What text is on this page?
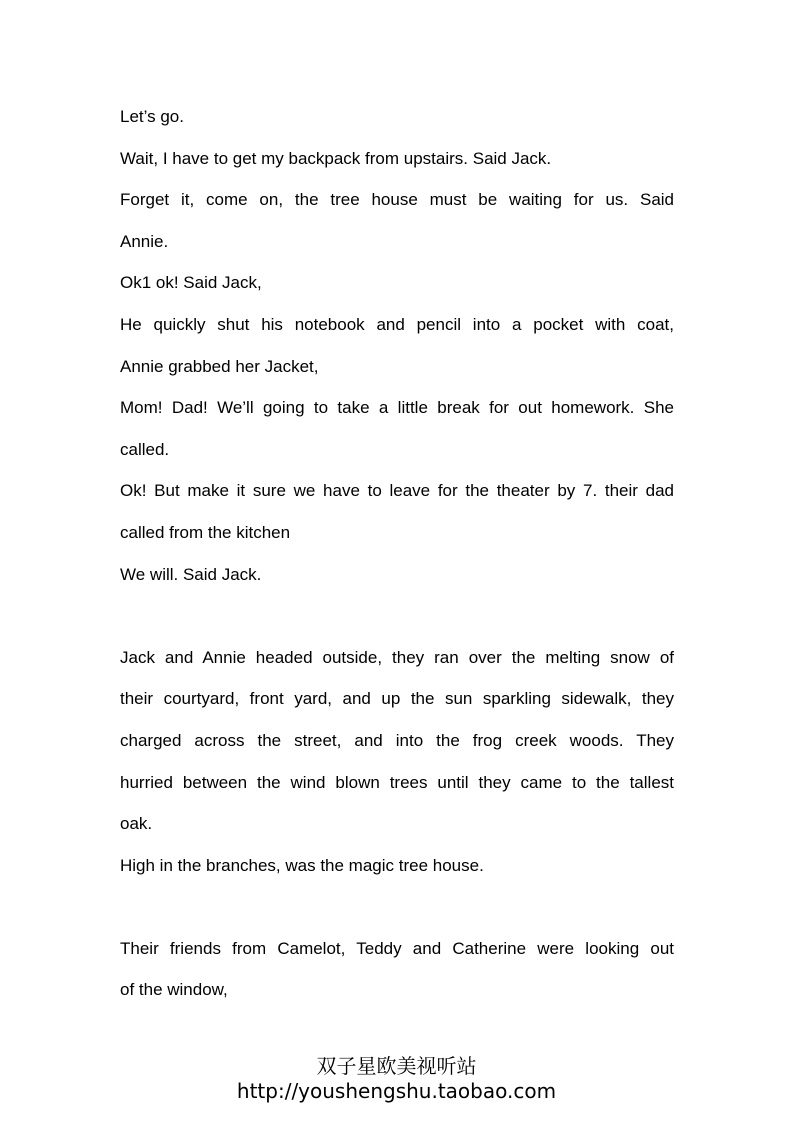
Let’s go.
Wait, I have to get my backpack from upstairs. Said Jack.
Forget it, come on, the tree house must be waiting for us. Said
Annie.
Ok1 ok! Said Jack,
He quickly shut his notebook and pencil into a pocket with coat,
Annie grabbed her Jacket,
Mom! Dad! We’ll going to take a little break for out homework. She
called.
Ok! But make it sure we have to leave for the theater by 7. their dad
called from the kitchen
We will. Said Jack.
Jack and Annie headed outside, they ran over the melting snow of
their courtyard, front yard, and up the sun sparkling sidewalk, they
charged across the street, and into the frog creek woods. They
hurried between the wind blown trees until they came to the tallest
oak.
High in the branches, was the magic tree house.
Their friends from Camelot, Teddy and Catherine were looking out
of the window,
双子星欧美视听站
http://youshengshu.taobao.com
